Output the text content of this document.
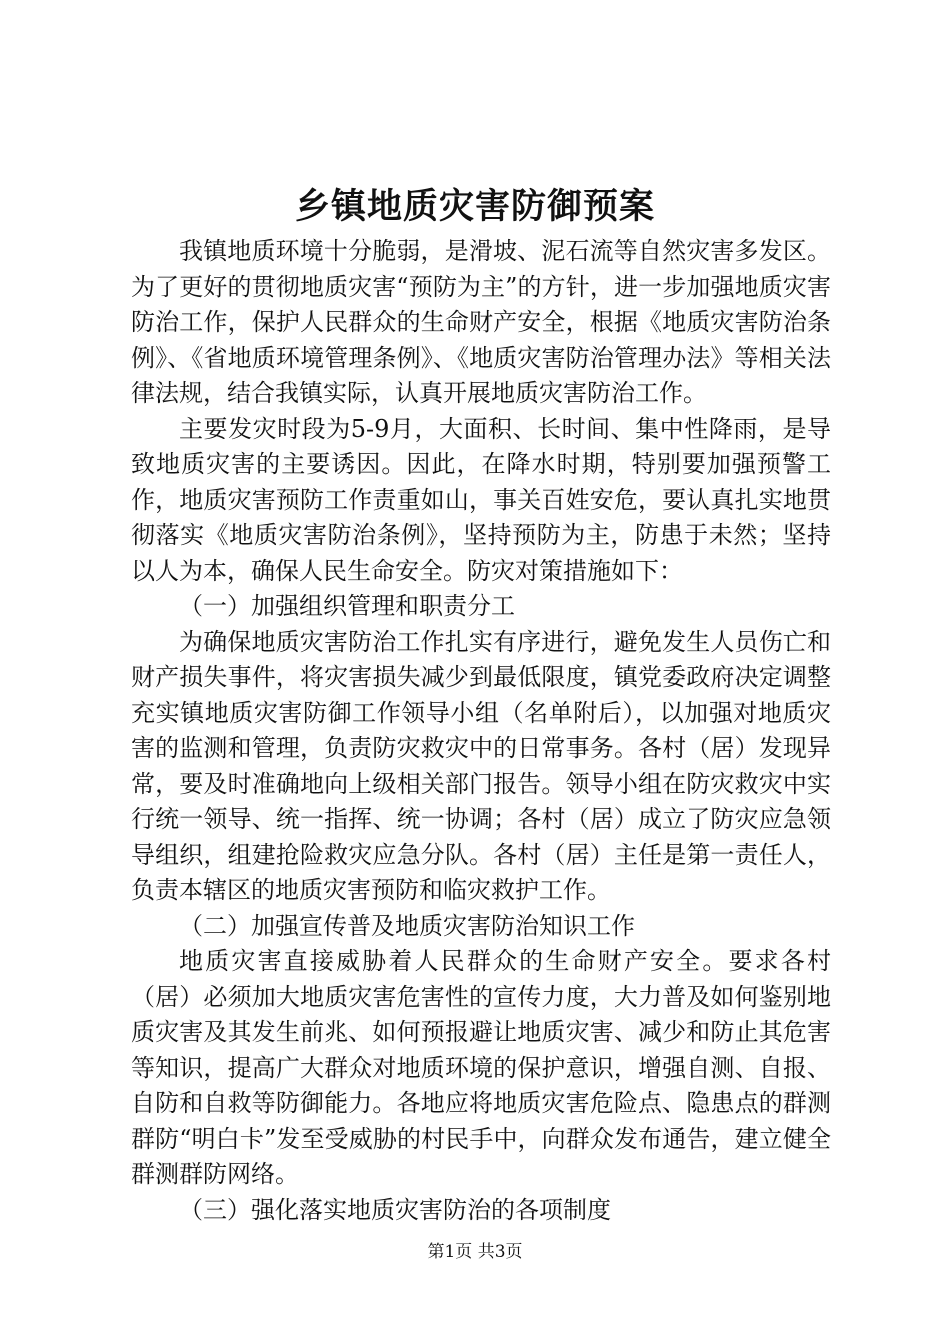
乡镇地质灾害防御预案

我镇地质环境十分脆弱，是滑坡、泥石流等自然灾害多发区。为了更好的贯彻地质灾害“预防为主”的方针，进一步加强地质灾害防治工作，保护人民群众的生命财产安全，根据《地质灾害防治条例》、《省地质环境管理条例》、《地质灾害防治管理办法》等相关法律法规，结合我镇实际，认真开展地质灾害防治工作。

主要发灾时段为5-9月，大面积、长时间、集中性降雨，是导致地质灾害的主要诱因。因此，在降水时期，特别要加强预警工作，地质灾害预防工作责重如山，事关百姓安危，要认真扎实地贯彻落实《地质灾害防治条例》，坚持预防为主，防患于未然；坚持以人为本，确保人民生命安全。防灾对策措施如下：

（一）加强组织管理和职责分工

为确保地质灾害防治工作扎实有序进行，避免发生人员伤亡和财产损失事件，将灾害损失减少到最低限度，镇党委政府决定调整充实镇地质灾害防御工作领导小组（名单附后），以加强对地质灾害的监测和管理，负责防灾救灾中的日常事务。各村（居）发现异常，要及时准确地向上级相关部门报告。领导小组在防灾救灾中实行统一领导、统一指挥、统一协调；各村（居）成立了防灾应急领导组织，组建抢险救灾应急分队。各村（居）主任是第一责任人，负责本辖区的地质灾害预防和临灾救护工作。

（二）加强宣传普及地质灾害防治知识工作

地质灾害直接威胁着人民群众的生命财产安全。要求各村（居）必须加大地质灾害危害性的宣传力度，大力普及如何鉴别地质灾害及其发生前兆、如何预报避让地质灾害、减少和防止其危害等知识，提高广大群众对地质环境的保护意识，增强自测、自报、自防和自救等防御能力。各地应将地质灾害危险点、隐患点的群测群防“明白卡”发至受威胁的村民手中，向群众发布通告，建立健全群测群防网络。

（三）强化落实地质灾害防治的各项制度

第1页 共3页
